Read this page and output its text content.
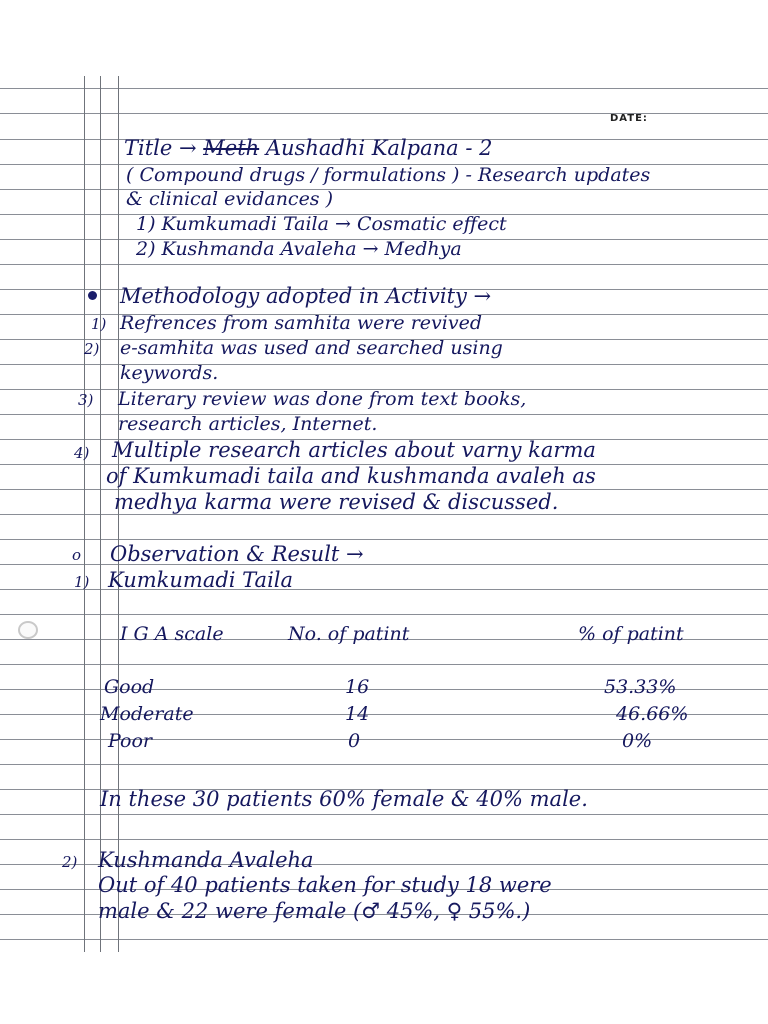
DATE:
Title → Meth Aushadhi Kalpana - 2
( Compound drugs / formulations ) - Research updates
& clinical evidances )
1) Kumkumadi Taila → Cosmatic effect
2) Kushmanda Avaleha → Medhya
Methodology adopted in Activity →
1) Refrences from samhita were revived
2) e-samhita was used and searched using
keywords.
3) Literary review was done from text books,
research articles, Internet.
4) Multiple research articles about varny karma
of Kumkumadi taila and kushmanda avaleh as
medhya karma were revised & discussed.
o Observation & Result →
1) Kumkumadi Taila
I G A scale	No. of patint	% of patint
Good	16	53.33%
Moderate	14	46.66%
Poor	0	0%
In these 30 patients 60% female & 40% male.
2) Kushmanda Avaleha
Out of 40 patients taken for study 18 were
male & 22 were female (♂ 45%, ♀ 55%.)
